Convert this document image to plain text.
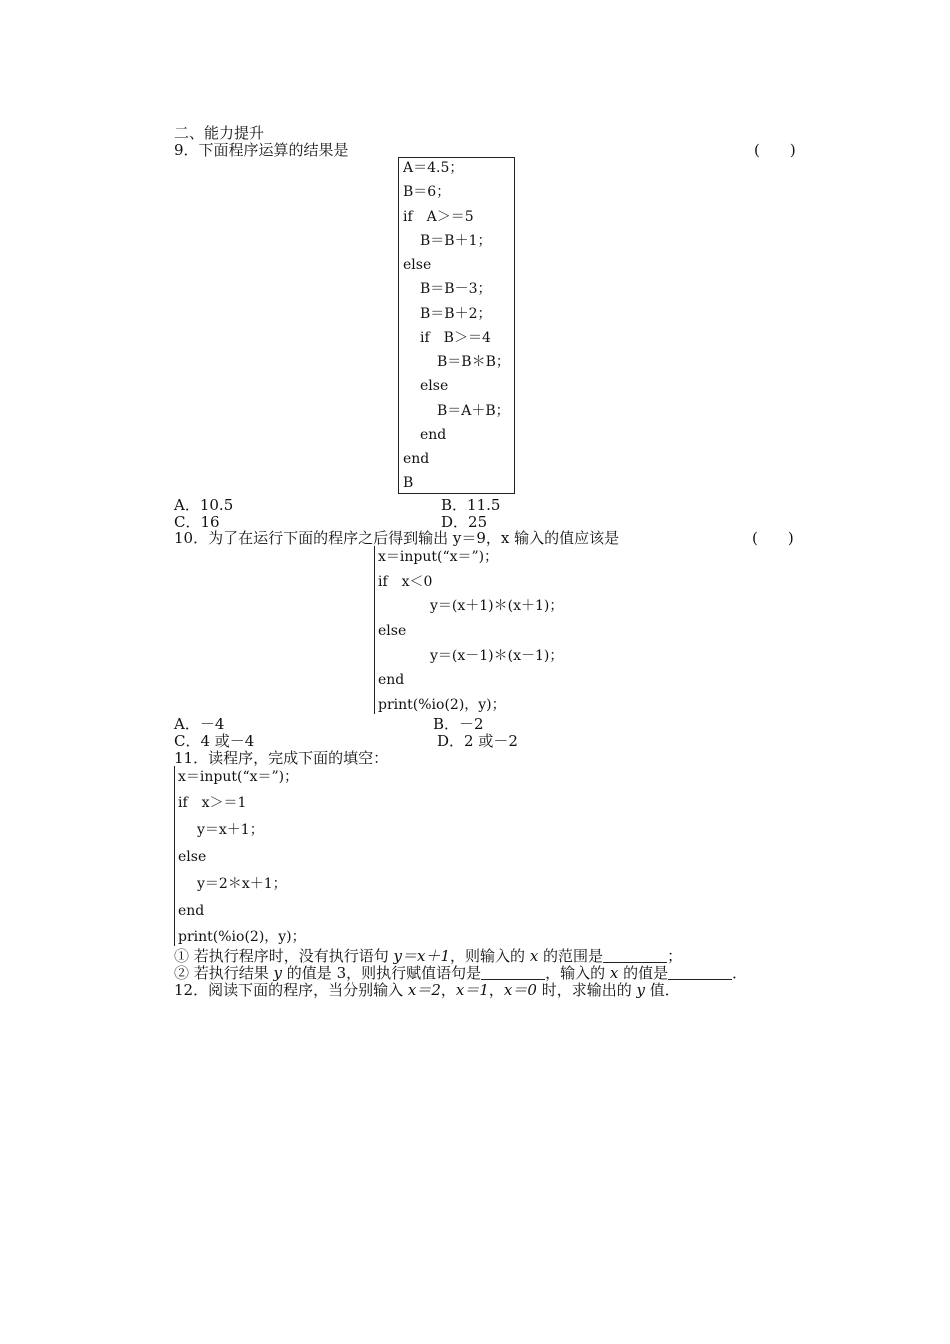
二、能力提升
9．下面程序运算的结果是	(　　)
A＝4.5；
B＝6；
if　A＞＝5
B＝B＋1；
else
B＝B－3；
B＝B＋2；
if　B＞＝4
B＝B＊B；
else
B＝A＋B；
end
end
B
A．10.5	B．11.5
C．16	D．25
10．为了在运行下面的程序之后得到输出 y＝9，x 输入的值应该是	(　　)
x＝input(“x＝”)；
if　x＜0
y＝(x＋1)＊(x＋1)；
else
y＝(x－1)＊(x－1)；
end
print(%io(2)，y)；
A．－4	B．－2
C．4 或－4	D．2 或－2
11．读程序，完成下面的填空：
x＝input(“x＝”)；
if　x＞＝1
y＝x＋1；
else
y＝2＊x＋1；
end
print(%io(2)，y)；
① 若执行程序时，没有执行语句 y＝x＋1，则输入的 x 的范围是	；
② 若执行结果 y 的值是 3，则执行赋值语句是	，输入的 x 的值是	．
12．阅读下面的程序，当分别输入 x＝2，x＝1，x＝0 时，求输出的 y 值．
